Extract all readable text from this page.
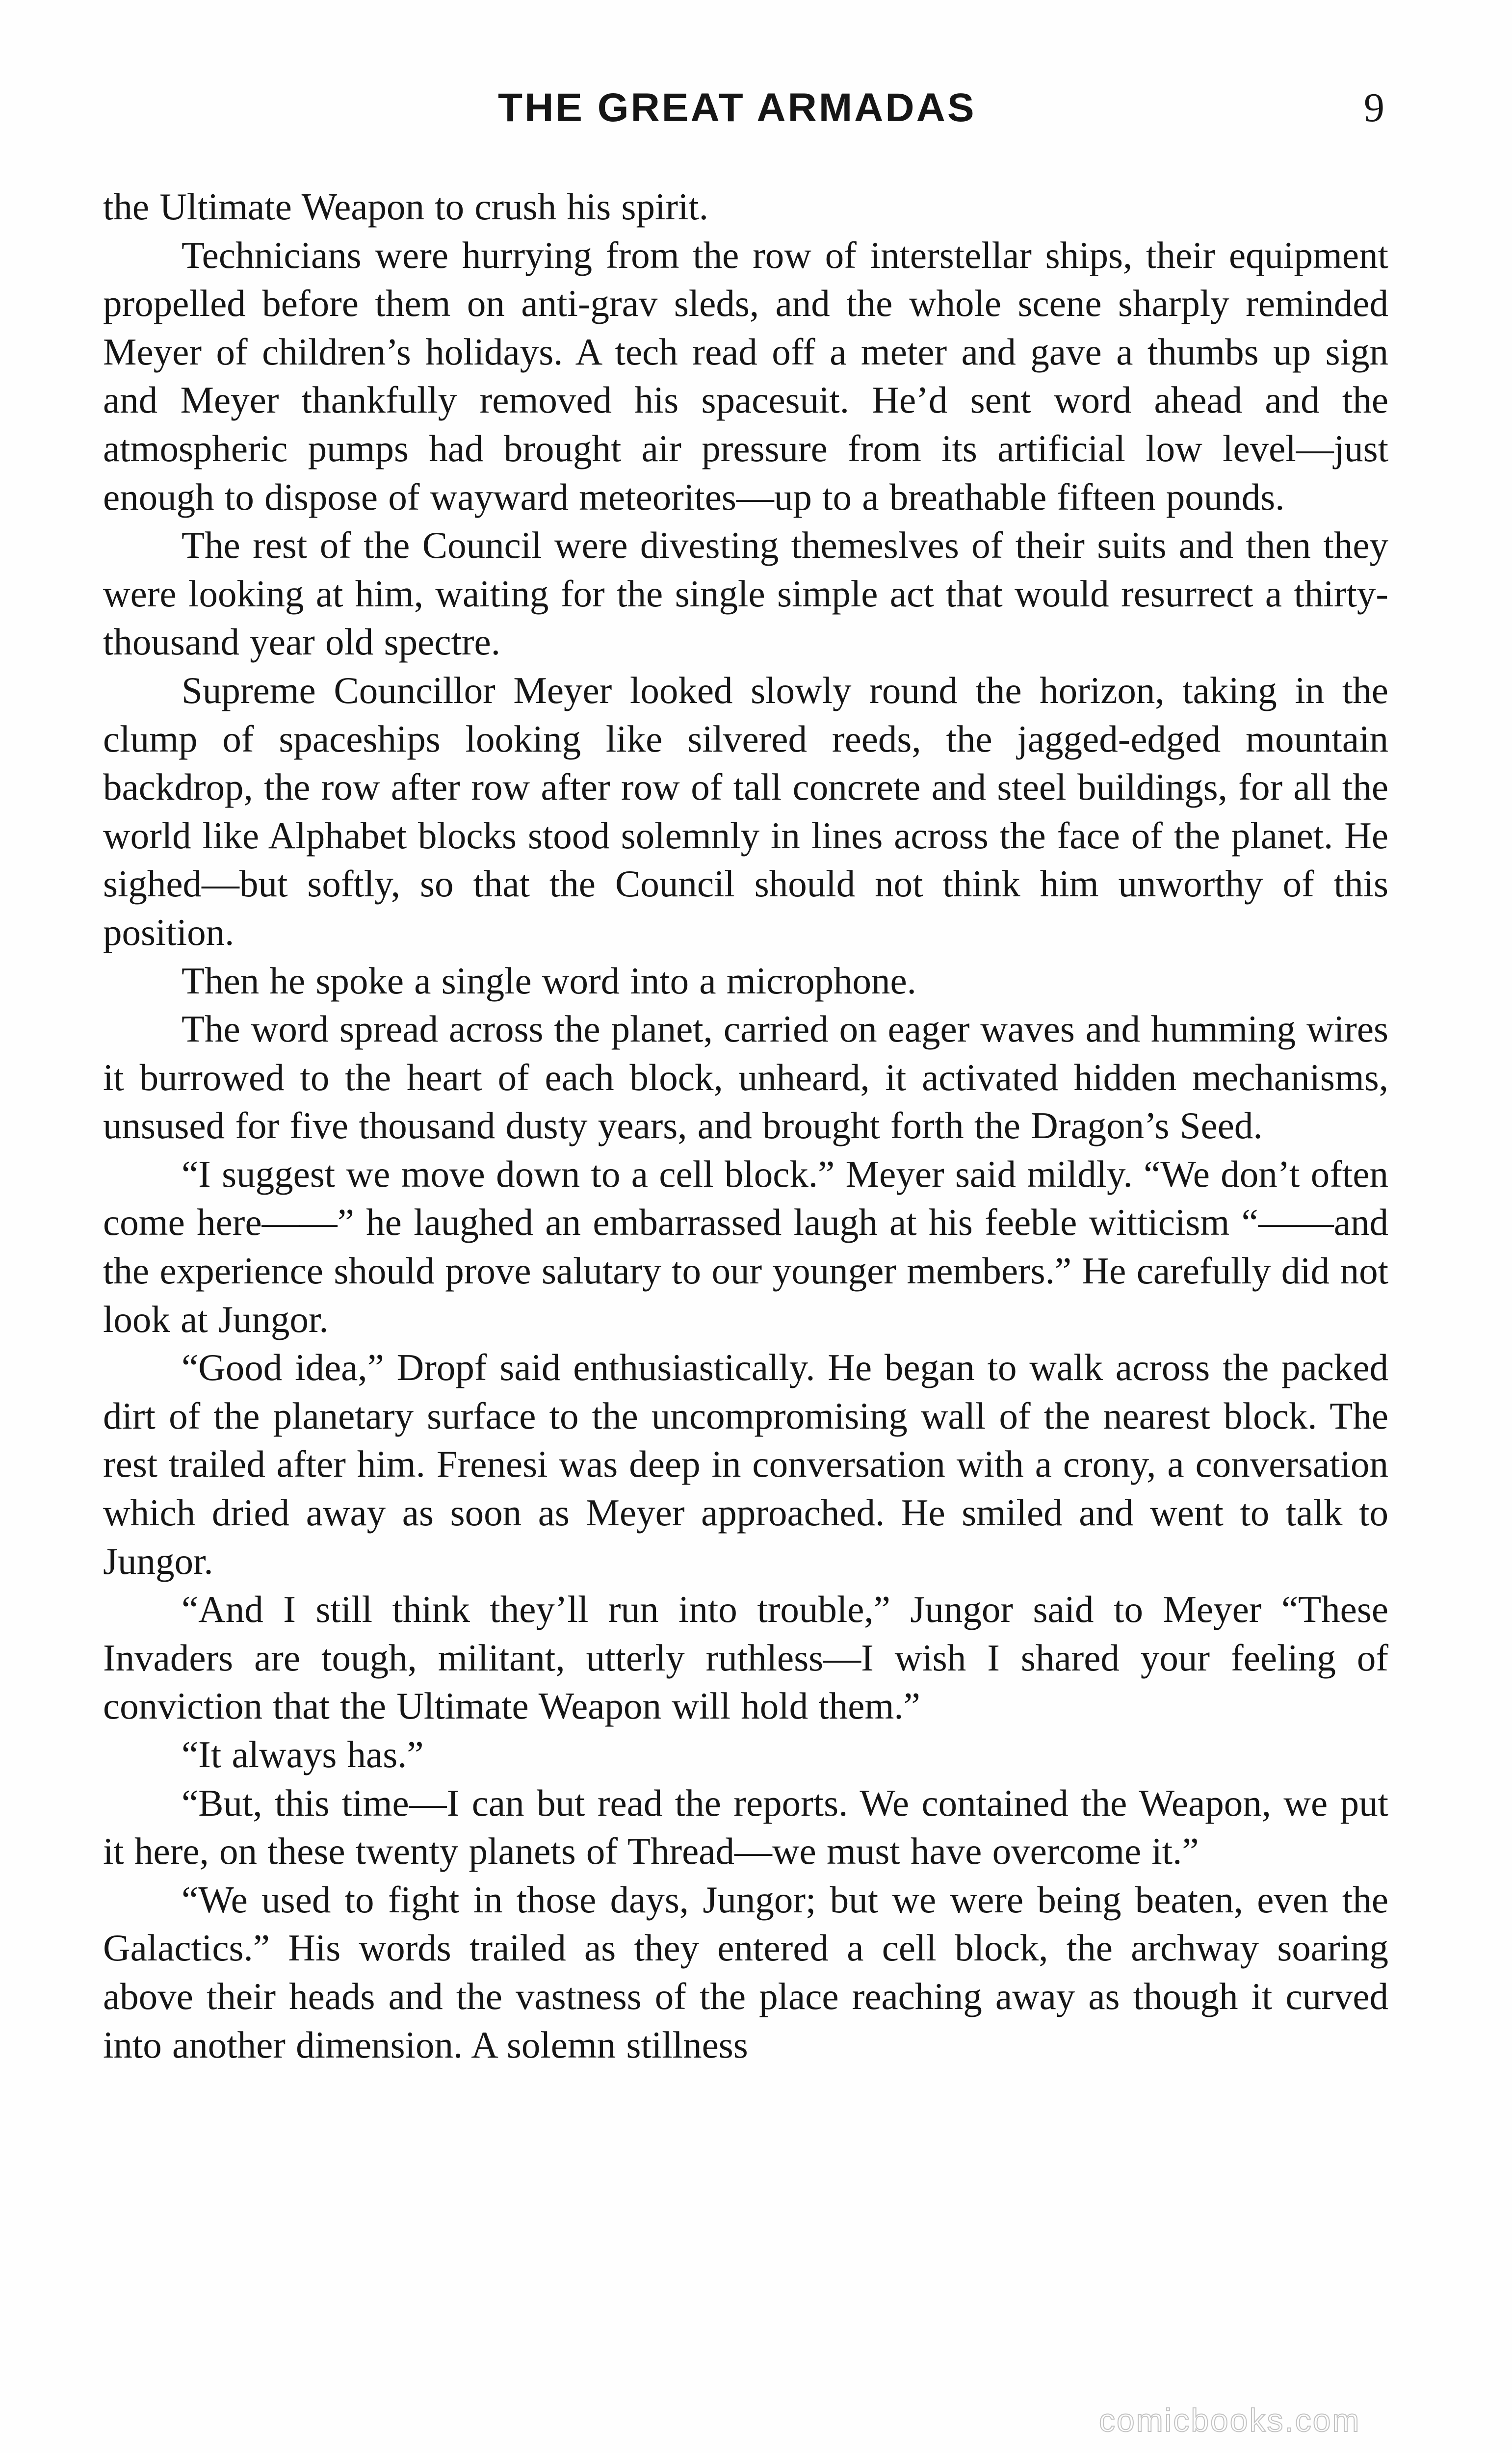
THE GREAT ARMADAS	9

the Ultimate Weapon to crush his spirit.

Technicians were hurrying from the row of interstellar ships, their equipment propelled before them on anti-grav sleds, and the whole scene sharply reminded Meyer of children’s holidays. A tech read off a meter and gave a thumbs up sign and Meyer thankfully removed his spacesuit. He’d sent word ahead and the atmospheric pumps had brought air pressure from its artificial low level—just enough to dispose of wayward meteorites—up to a breathable fifteen pounds.

The rest of the Council were divesting themeslves of their suits and then they were looking at him, waiting for the single simple act that would resurrect a thirty-thousand year old spectre.

Supreme Councillor Meyer looked slowly round the horizon, taking in the clump of spaceships looking like silvered reeds, the jagged-edged mountain backdrop, the row after row after row of tall concrete and steel buildings, for all the world like Alphabet blocks stood solemnly in lines across the face of the planet. He sighed—but softly, so that the Council should not think him unworthy of this position.

Then he spoke a single word into a microphone.

The word spread across the planet, carried on eager waves and humming wires it burrowed to the heart of each block, unheard, it activated hidden mechanisms, unsused for five thousand dusty years, and brought forth the Dragon’s Seed.

“I suggest we move down to a cell block.” Meyer said mildly. “We don’t often come here——” he laughed an embarrassed laugh at his feeble witticism “——and the experience should prove salutary to our younger members.” He carefully did not look at Jungor.

“Good idea,” Dropf said enthusiastically. He began to walk across the packed dirt of the planetary surface to the uncompromising wall of the nearest block. The rest trailed after him. Frenesi was deep in conversation with a crony, a conversation which dried away as soon as Meyer approached. He smiled and went to talk to Jungor.

“And I still think they’ll run into trouble,” Jungor said to Meyer “These Invaders are tough, militant, utterly ruthless—I wish I shared your feeling of conviction that the Ultimate Weapon will hold them.”

“It always has.”

“But, this time—I can but read the reports. We contained the Weapon, we put it here, on these twenty planets of Thread—we must have overcome it.”

“We used to fight in those days, Jungor; but we were being beaten, even the Galactics.” His words trailed as they entered a cell block, the archway soaring above their heads and the vastness of the place reaching away as though it curved into another dimension. A solemn stillness

comicbooks.com
